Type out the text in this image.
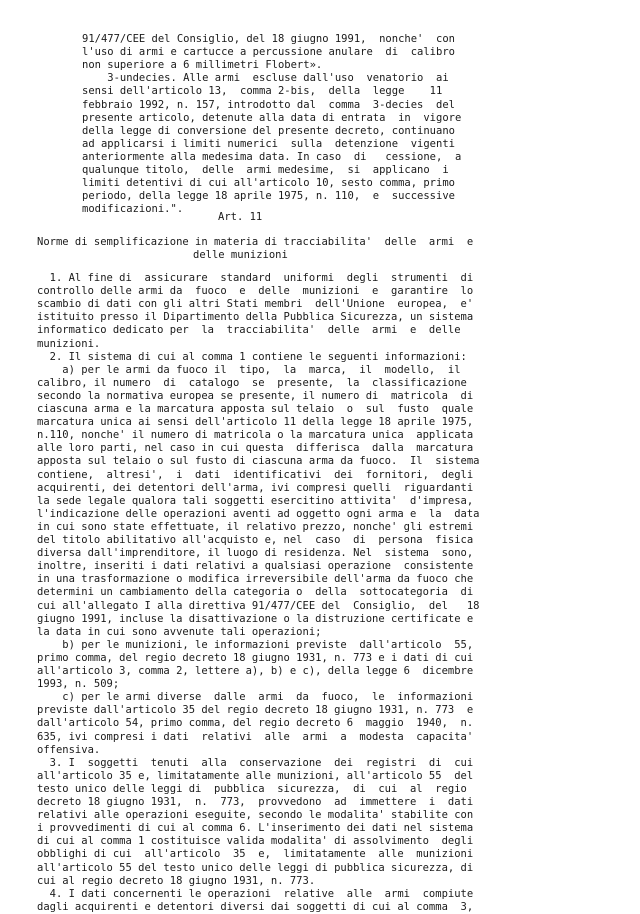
91/477/CEE del Consiglio, del 18 giugno 1991,  nonche'  con
l'uso di armi e cartucce a percussione anulare  di  calibro
non superiore a 6 millimetri Flobert».
3-undecies. Alle armi  escluse dall'uso  venatorio  ai
sensi dell'articolo 13,  comma 2-bis,  della  legge    11
febbraio 1992, n. 157, introdotto dal  comma  3-decies  del
presente articolo, detenute alla data di entrata  in  vigore
della legge di conversione del presente decreto, continuano
ad applicarsi i limiti numerici  sulla  detenzione  vigenti
anteriormente alla medesima data. In caso  di   cessione,  a
qualunque titolo,  delle  armi medesime,  si  applicano  i
limiti detentivi di cui all'articolo 10, sesto comma, primo
periodo, della legge 18 aprile 1975, n. 110,  e  successive
modificazioni.".
Art. 11
Norme di semplificazione in materia di tracciabilita'  delle  armi  e
delle munizioni
1. Al fine di  assicurare  standard  uniformi  degli  strumenti  di
controllo delle armi da  fuoco  e  delle  munizioni  e  garantire  lo
scambio di dati con gli altri Stati membri  dell'Unione  europea,  e'
istituito presso il Dipartimento della Pubblica Sicurezza, un sistema
informatico dedicato per  la  tracciabilita'  delle  armi  e  delle
munizioni.
2. Il sistema di cui al comma 1 contiene le seguenti informazioni:
a) per le armi da fuoco il  tipo,  la  marca,  il  modello,  il
calibro, il numero  di  catalogo  se  presente,  la  classificazione
secondo la normativa europea se presente, il numero di  matricola  di
ciascuna arma e la marcatura apposta sul telaio  o  sul  fusto  quale
marcatura unica ai sensi dell'articolo 11 della legge 18 aprile 1975,
n.110, nonche' il numero di matricola o la marcatura unica  applicata
alle loro parti, nel caso in cui questa  differisca  dalla  marcatura
apposta sul telaio o sul fusto di ciascuna arma da fuoco.  Il  sistema
contiene,  altresi',  i  dati  identificativi  dei  fornitori,  degli
acquirenti, dei detentori dell'arma, ivi compresi quelli  riguardanti
la sede legale qualora tali soggetti esercitino attivita'  d'impresa,
l'indicazione delle operazioni aventi ad oggetto ogni arma e  la  data
in cui sono state effettuate, il relativo prezzo, nonche' gli estremi
del titolo abilitativo all'acquisto e, nel  caso  di  persona  fisica
diversa dall'imprenditore, il luogo di residenza. Nel  sistema  sono,
inoltre, inseriti i dati relativi a qualsiasi operazione  consistente
in una trasformazione o modifica irreversibile dell'arma da fuoco che
determini un cambiamento della categoria o  della  sottocategoria  di
cui all'allegato I alla direttiva 91/477/CEE del  Consiglio,  del   18
giugno 1991, incluse la disattivazione o la distruzione certificate e
la data in cui sono avvenute tali operazioni;
b) per le munizioni, le informazioni previste  dall'articolo  55,
primo comma, del regio decreto 18 giugno 1931, n. 773 e i dati di cui
all'articolo 3, comma 2, lettere a), b) e c), della legge 6  dicembre
1993, n. 509;
c) per le armi diverse  dalle  armi  da  fuoco,  le  informazioni
previste dall'articolo 35 del regio decreto 18 giugno 1931, n. 773  e
dall'articolo 54, primo comma, del regio decreto 6  maggio  1940,  n.
635, ivi compresi i dati  relativi  alle  armi  a  modesta  capacita'
offensiva.
3. I  soggetti  tenuti  alla  conservazione  dei  registri  di  cui
all'articolo 35 e, limitatamente alle munizioni, all'articolo 55  del
testo unico delle leggi di  pubblica  sicurezza,  di  cui  al  regio
decreto 18 giugno 1931,  n.  773,  provvedono  ad  immettere  i  dati
relativi alle operazioni eseguite, secondo le modalita' stabilite con
i provvedimenti di cui al comma 6. L'inserimento dei dati nel sistema
di cui al comma 1 costituisce valida modalita' di assolvimento  degli
obblighi di cui  all'articolo  35  e,  limitatamente  alle  munizioni
all'articolo 55 del testo unico delle leggi di pubblica sicurezza, di
cui al regio decreto 18 giugno 1931, n. 773.
4. I dati concernenti le operazioni  relative  alle  armi  compiute
dagli acquirenti e detentori diversi dai soggetti di cui al comma  3,
